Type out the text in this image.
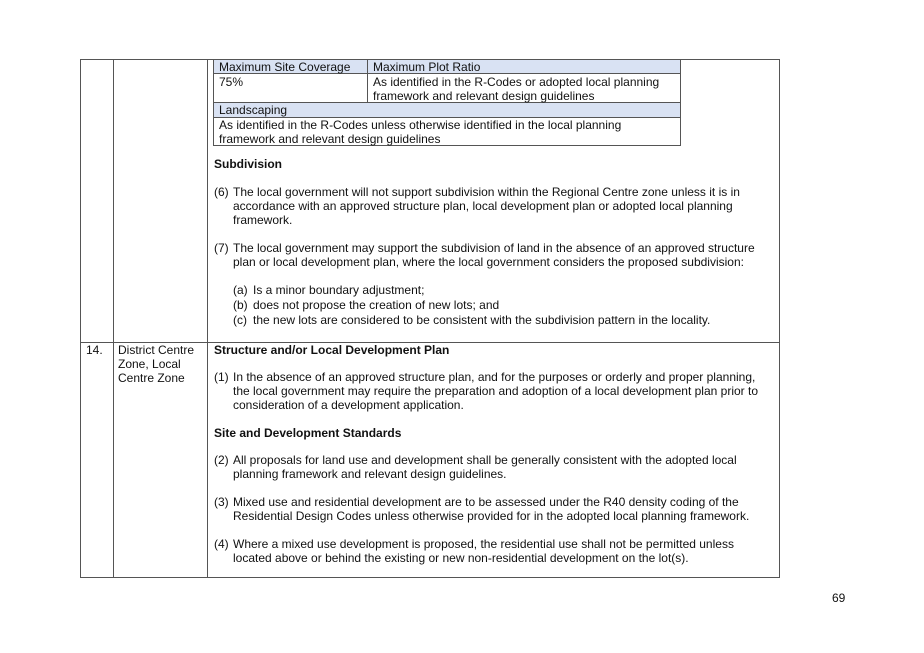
Maximum Site Coverage Maximum Plot Ratio
75%	As identified in the R-Codes or adopted local planning
framework and relevant design guidelines
Landscaping
As identified in the R-Codes unless otherwise identified in the local planning
framework and relevant design guidelines
Subdivision
(6) The local government will not support subdivision within the Regional Centre zone unless it is in
accordance with an approved structure plan, local development plan or adopted local planning
framework.
(7) The local government may support the subdivision of land in the absence of an approved structure
plan or local development plan, where the local government considers the proposed subdivision:
(a) Is a minor boundary adjustment;
(b) does not propose the creation of new lots; and
(c) the new lots are considered to be consistent with the subdivision pattern in the locality.
14. District Centre
Zone, Local
Centre Zone
Structure and/or Local Development Plan
(1) In the absence of an approved structure plan, and for the purposes or orderly and proper planning,
the local government may require the preparation and adoption of a local development plan prior to
consideration of a development application.
Site and Development Standards
(2) All proposals for land use and development shall be generally consistent with the adopted local
planning framework and relevant design guidelines.
(3) Mixed use and residential development are to be assessed under the R40 density coding of the
Residential Design Codes unless otherwise provided for in the adopted local planning framework.
(4) Where a mixed use development is proposed, the residential use shall not be permitted unless
located above or behind the existing or new non-residential development on the lot(s).
69
